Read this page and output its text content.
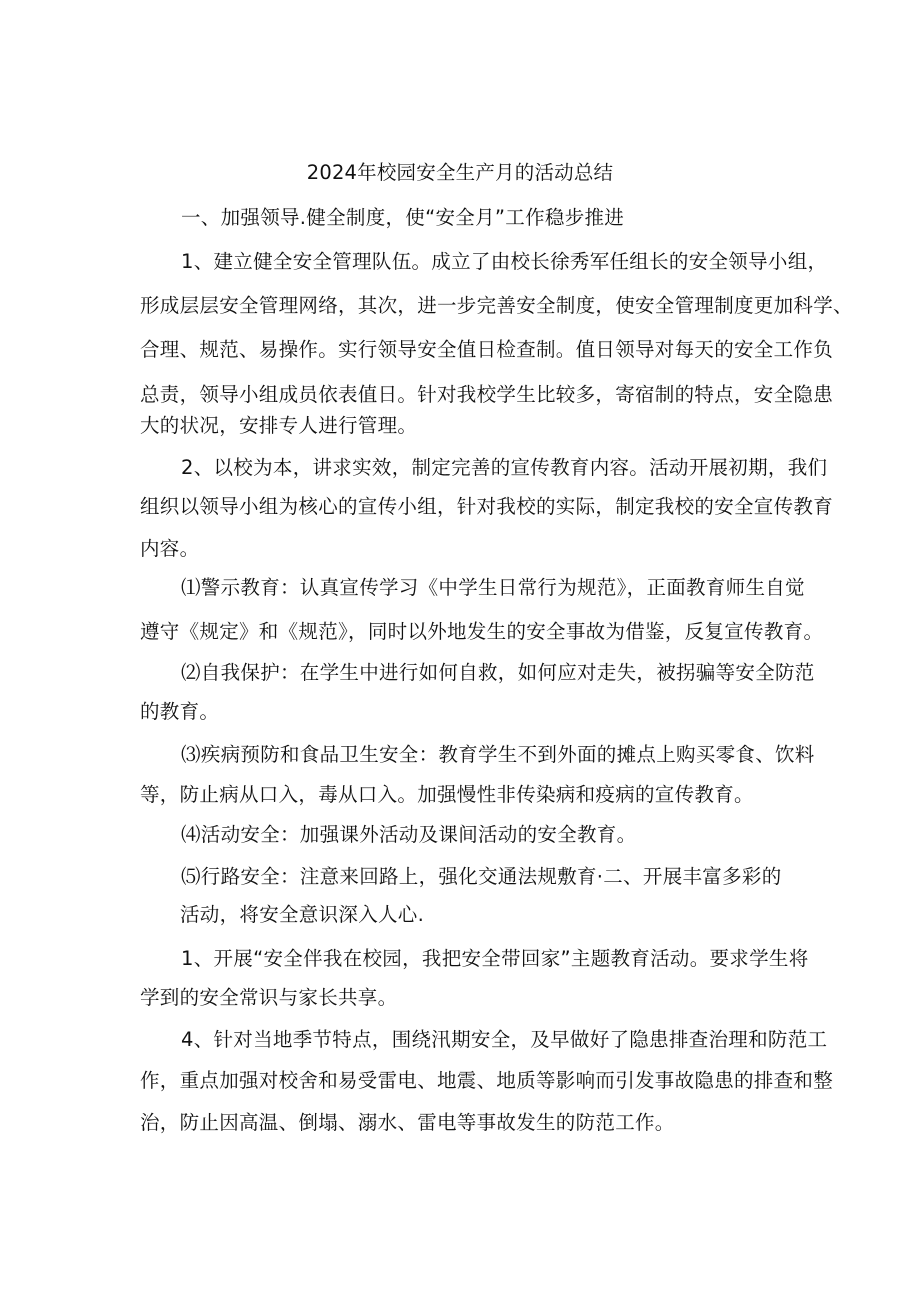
2024年校园安全生产月的活动总结
一、加强领导.健全制度，使“安全月”工作稳步推进
1、建立健全安全管理队伍。成立了由校长徐秀军任组长的安全领导小组，
形成层层安全管理网络，其次，进一步完善安全制度，使安全管理制度更加科学、
合理、规范、易操作。实行领导安全值日检查制。值日领导对每天的安全工作负
总责，领导小组成员依表值日。针对我校学生比较多，寄宿制的特点，安全隐患
大的状况，安排专人进行管理。
2、以校为本，讲求实效，制定完善的宣传教育内容。活动开展初期，我们
组织以领导小组为核心的宣传小组，针对我校的实际，制定我校的安全宣传教育
内容。
⑴警示教育：认真宣传学习《中学生日常行为规范》，正面教育师生自觉
遵守《规定》和《规范》，同时以外地发生的安全事故为借鉴，反复宣传教育。
⑵自我保护：在学生中进行如何自救，如何应对走失，被拐骗等安全防范
的教育。
⑶疾病预防和食品卫生安全：教育学生不到外面的摊点上购买零食、饮料
等，防止病从口入，毒从口入。加强慢性非传染病和疫病的宣传教育。
⑷活动安全：加强课外活动及课间活动的安全教育。
⑸行路安全：注意来回路上，强化交通法规敷育·二、开展丰富多彩的
活动，将安全意识深入人心.
1、开展“安全伴我在校园，我把安全带回家”主题教育活动。要求学生将
学到的安全常识与家长共享。
4、针对当地季节特点，围绕汛期安全，及早做好了隐患排查治理和防范工
作，重点加强对校舍和易受雷电、地震、地质等影响而引发事故隐患的排查和整
治，防止因高温、倒塌、溺水、雷电等事故发生的防范工作。
